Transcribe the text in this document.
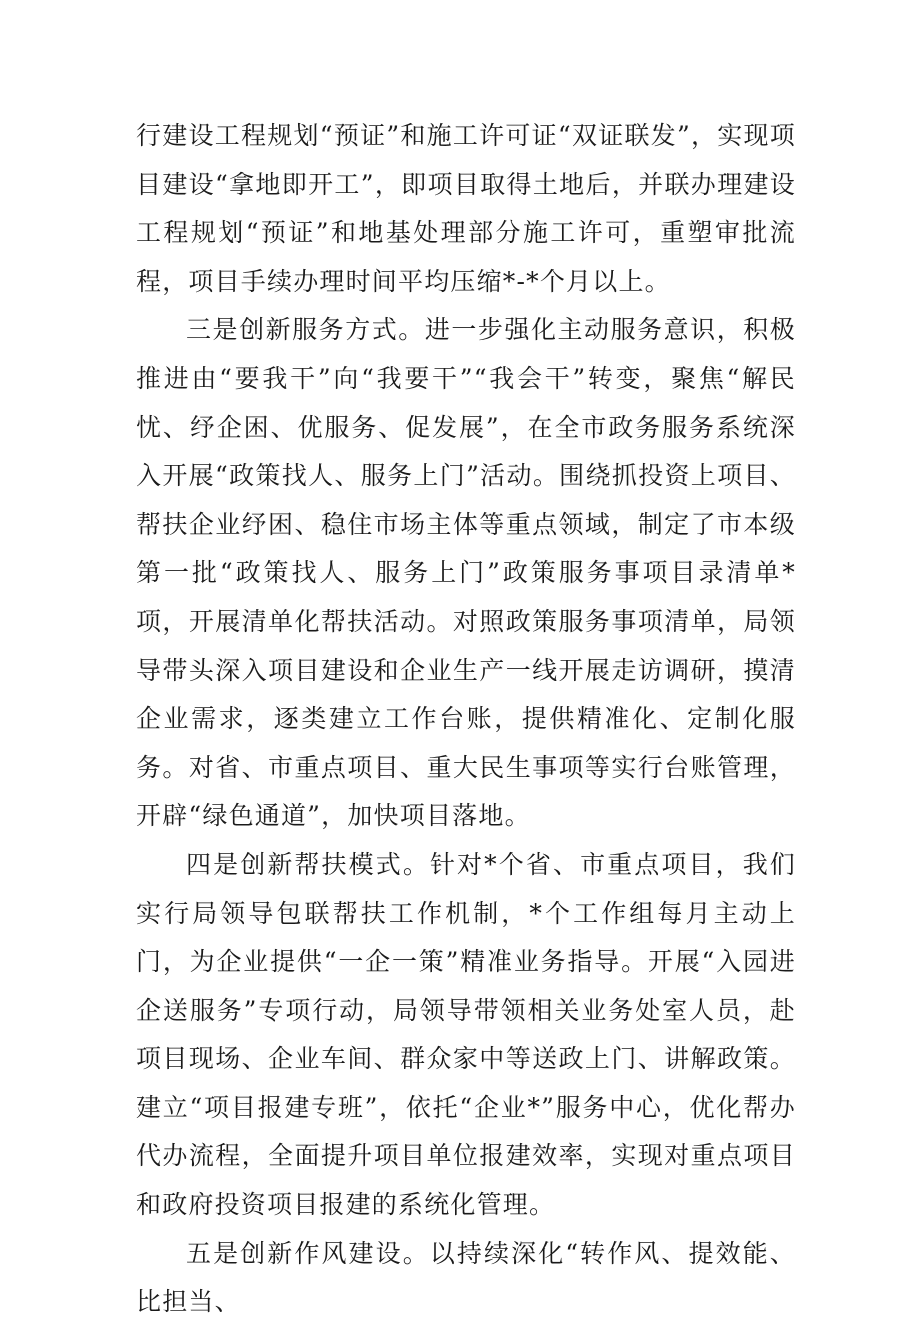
行建设工程规划“预证”和施工许可证“双证联发”，实现项目建设“拿地即开工”，即项目取得土地后，并联办理建设工程规划“预证”和地基处理部分施工许可，重塑审批流程，项目手续办理时间平均压缩*-*个月以上。

三是创新服务方式。进一步强化主动服务意识，积极推进由“要我干”向“我要干”“我会干”转变，聚焦“解民忧、纾企困、优服务、促发展”，在全市政务服务系统深入开展“政策找人、服务上门”活动。围绕抓投资上项目、帮扶企业纾困、稳住市场主体等重点领域，制定了市本级第一批“政策找人、服务上门”政策服务事项目录清单*项，开展清单化帮扶活动。对照政策服务事项清单，局领导带头深入项目建设和企业生产一线开展走访调研，摸清企业需求，逐类建立工作台账，提供精准化、定制化服务。对省、市重点项目、重大民生事项等实行台账管理，开辟“绿色通道”，加快项目落地。

四是创新帮扶模式。针对*个省、市重点项目，我们实行局领导包联帮扶工作机制，*个工作组每月主动上门，为企业提供“一企一策”精准业务指导。开展“入园进企送服务”专项行动，局领导带领相关业务处室人员，赴项目现场、企业车间、群众家中等送政上门、讲解政策。建立“项目报建专班”，依托“企业*”服务中心，优化帮办代办流程，全面提升项目单位报建效率，实现对重点项目和政府投资项目报建的系统化管理。

五是创新作风建设。以持续深化“转作风、提效能、比担当、
